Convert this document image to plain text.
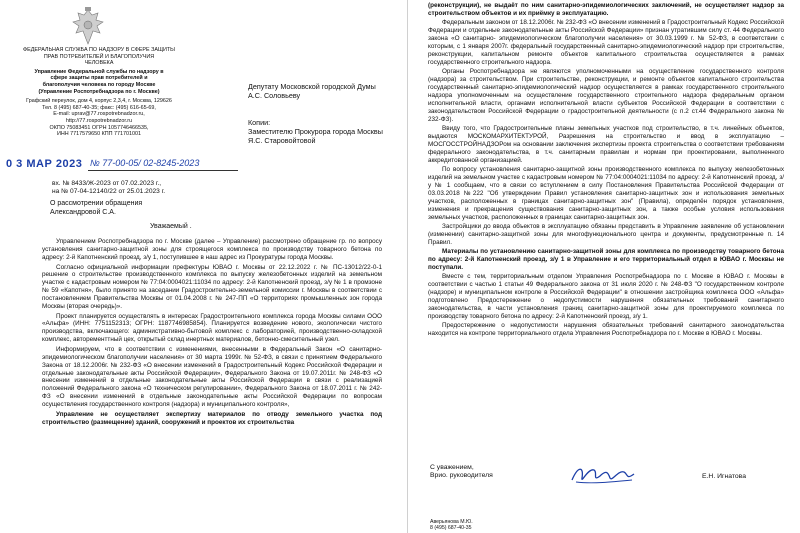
ФЕДЕРАЛЬНАЯ СЛУЖБА ПО НАДЗОРУ В СФЕРЕ ЗАЩИТЫ
ПРАВ ПОТРЕБИТЕЛЕЙ И БЛАГОПОЛУЧИЯ
ЧЕЛОВЕКА
Управление Федеральной службы по надзору в
сфере защиты прав потребителей и
благополучия человека по городу Москве
(Управление Роспотребнадзора по г. Москве)
Графский переулок, дом 4, корпус 2,3,4, г. Москва, 129626
Тел. 8 (495) 687-40-35; факс: (495) 616-65-69,
E-mail: uprav@77.rospotrebnadzor.ru,
http://77.rospotrebnadzor.ru
ОКПО 75083451 ОГРН 1057746466535,
ИНН 7717579650 КПП 771701001
0 3 МАР 2023 № 77-00-05/ 02-8245-2023
вх. № 8433/Ж-2023 от 07.02.2023 г.,
на № 07-04-12140/22 от 25.01.2023 г.
Депутату Московской городской Думы
А.С. Соловьеву
Копии:
Заместителю Прокурора города Москвы
Я.С. Старовойтовой
О рассмотрении обращения
Александровой С.А.
Уважаемый .

Управлением Роспотребнадзора по г. Москве (далее – Управление) рассмотрено обращение гр. по вопросу установления санитарно-защитной зоны для строящегося комплекса по производству товарного бетона по адресу: 2-й Капотненский проезд, з/у 1, поступившее в наш адрес из Прокуратуры города Москвы.

Согласно официальной информации префектуры ЮВАО г. Москвы от 22.12.2022 г. № ПС-13012/22-0-1 решение о строительстве производственного комплекса по выпуску железобетонных изделий на земельном участке с кадастровым номером № 77:04:0004021:11034 по адресу: 2-й Капотненский проезд, з/у № 1 в промзоне № 59 «Капотня», было принято на заседании Градостроительно-земельной комиссии г. Москвы в соответствии с постановлением Правительства Москвы от 01.04.2008 г. № 247-ПП «О территориях промышленных зон города Москвы (вторая очередь)».

Проект планируется осуществлять в интересах Градостроительного комплекса города Москвы силами ООО «Альфа» (ИНН: 7751152313; ОГРН: 1187746985854). Планируется возведение нового, экологически чистого производства, включающего: административно-бытовой комплекс с лабораторией, производственно-складской комплекс, авторементтный цех, открытый склад инертных материалов, бетонно-смесительный узел.

Информируем, что в соответствии с изменениями, внесенными в Федеральный Закон «О санитарно-эпидемиологическом благополучии населения» от 30 марта 1999г. № 52-ФЗ, в связи с принятием Федерального Закона от 18.12.2006г. № 232-ФЗ «О внесении изменений в Градостроительный Кодекс Российской Федерации и отдельные законодательные акты Российской Федерации», Федерального Закона от 19.07.2011г. № 248-ФЗ «О внесении изменений в отдельные законодательные акты Российской Федерации в связи с реализацией положений Федерального закона «О техническом регулировании», Федерального Закона от 18.07.2011 г. № 242-ФЗ «О внесении изменений в отдельные законодательные акты Российской Федерации по вопросам осуществления государственного контроля (надзора) и муниципального контроля»,

Управление не осуществляет экспертизу материалов по отводу земельного участка под строительство (размещение) зданий, сооружений и проектов их строительства

(реконструкции), не выдаёт по ним санитарно-эпидемиологических заключений, не осуществляет надзор за строительством объектов и их приёмку в эксплуатацию.

Федеральным законом от 18.12.2006г. № 232-ФЗ «О внесении изменений в Градостроительный Кодекс Российской Федерации и отдельные законодательные акты Российской Федерации» признан утратившим силу ст. 44 Федерального закона «О санитарно- эпидемиологическом благополучии населения» от 30.03.1999 г. № 52-ФЗ, в соответствии с которым, с 1 января 2007г. федеральный государственный санитарно-эпидемиологический надзор при строительстве, реконструкции, капитальном ремонте объектов капитального строительства осуществляется в рамках государственного строительного надзора.

Органы Роспотребнадзора не являются уполномоченными на осуществление государственного контроля (надзора) за строительством. При строительстве, реконструкции, и ремонте объектов капитального строительства государственный санитарно-эпидемиологический надзор осуществляется в рамках государственного строительного надзора уполномоченным на осуществление государственного строительного надзора федеральным органом исполнительной власти, органами исполнительной власти субъектов Российской Федерации в соответствии с законодательством Российской Федерации о градостроительной деятельности (с п.2 ст.44 Федерального закона № 232-ФЗ).

Ввиду того, что Градостроительные планы земельных участков под строительство, в т.ч. линейных объектов, выдаются МОСКОМАРХИТЕКТУРОЙ, Разрешения на строительство и ввод в эксплуатацию – МОСГОССТРОЙНАДЗОРом на основании заключения экспертизы проекта строительства о соответствии требованиям федерального законодательства, в т.ч. санитарным правилам и нормам при проектировании, выполненного аккредитованной организацией.

По вопросу установления санитарно-защитной зоны производственного комплекса по выпуску железобетонных изделий на земельном участке с кадастровым номером № 77:04:0004021:11034 по адресу: 2-й Капотненский проезд, з/у № 1 сообщаем, что в связи со вступлением в силу Постановления Правительства Российской Федерации от 03.03.2018 №222 "Об утверждении Правил установления санитарно-защитных зон и использования земельных участков, расположенных в границах санитарно-защитных зон" (Правила), определён порядок установления, изменения и прекращения существования санитарно-защитных зон, а также особые условия использования земельных участков, расположенных в границах санитарно-защитных зон.

Застройщики до ввода объектов в эксплуатацию обязаны представить в Управление заявление об установлении (изменении) санитарно-защитной зоны для многофункционального центра и документы, предусмотренные п. 14 Правил.

Материалы по установлению санитарно-защитной зоны для комплекса по производству товарного бетона по адресу: 2-й Капотненский проезд, з/у 1 в Управление и его территориальный отдел в ЮВАО г. Москвы не поступали.

Вместе с тем, территориальным отделом Управления Роспотребнадзора по г. Москве в ЮВАО г. Москвы в соответствии с частью 1 статьи 49 Федерального закона от 31 июля 2020 г. № 248-ФЗ "О государственном контроле (надзоре) и муниципальном контроле в Российской Федерации" в отношении застройщика комплекса ООО «Альфа» подготовлено Предостережение о недопустимости нарушения обязательных требований санитарного законодательства, в части установления границ санитарно-защитной зоны для проектируемого комплекса по производству товарного бетона по адресу: 2-й Капотненский проезд, з/у 1.

Предостережение о недопустимости нарушения обязательных требований санитарного законодательства находится на контроле территориального отдела Управления Роспотребнадзора по г. Москве в ЮВАО г. Москвы.

С уважением,
Врио. руководителя	Е.Н. Игнатова
Аверьянова М.Ю.
8 (495) 687-40-35
